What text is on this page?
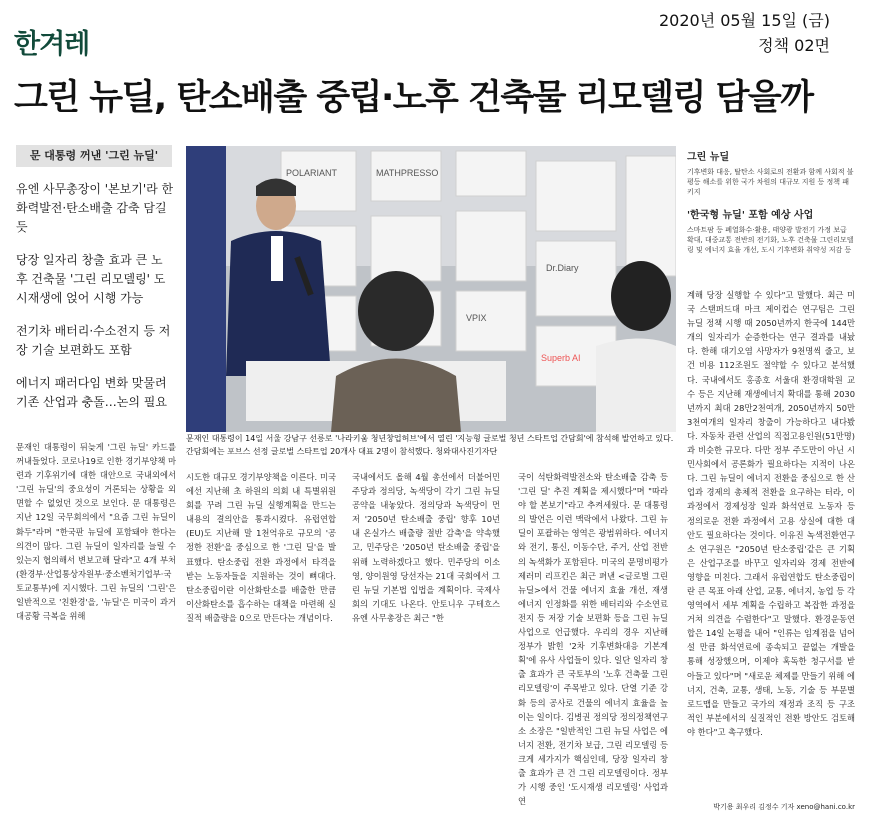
한겨레
2020년 05월 15일 (금)
정책 02면
그린 뉴딜, 탄소배출 중립·노후 건축물 리모델링 담을까
문 대통령 꺼낸 '그린 뉴딜'
유엔 사무총장이 '본보기'라 한 화력발전·탄소배출 감축 담길듯
당장 일자리 창출 효과 큰 노후 건축물 '그린 리모델링' 도시재생에 얹어 시행 가능
전기차 배터리·수소전지 등 저장 기술 보편화도 포함
에너지 패러다임 변화 맞물려 기존 산업과 충돌…논의 필요
POLARIANT	MATHPRESSO
VPIX
Dr.Diary
Superb AI
문재인 대통령이 14일 서울 강남구 선릉로 '나라키움 청년창업허브'에서 열린 '지능형 글로벌 청년 스타트업 간담회'에 참석해 발언하고 있다. 간담회에는 포브스 선정 글로벌 스타트업 20개사 대표 2명이 참석했다. 청와대사진기자단
그린 뉴딜
기후변화 대응, 탈탄소 사회로의 전환과 함께 사회적 불평등 해소를 위한 국가 차원의 대규모 지원 등 정책 패키지
'한국형 뉴딜' 포함 예상 사업
스마트팜 등 폐열화수·활용, 태양광 발전기 가정 보급 확대, 대중교통 전반의 전기화, 노후 건축물 그린리모델링 및 에너지 효율 개선, 도시 기후변화 취약성 저감 등
문재인 대통령이 뒤늦게 '그린 뉴딜' 카드를 꺼내들었다. 코로나19로 인한 경기부양책 마련과 기후위기에 대한 대안으로 국내외에서 '그린 뉴딜'의 중요성이 거론되는 상황을 외면할 수 없었던 것으로 보인다. 문 대통령은 지난 12일 국무회의에서 "요즘 그린 뉴딜이 화두"라며 "한국판 뉴딜에 포함돼야 한다는 의견이 많다. 그린 뉴딜이 일자리를 늘릴 수 있는지 협의해서 변보고해 달라"고 4개 부처(환경부·산업통상자원부·중소벤처기업부·국토교통부)에 지시했다. 그린 뉴딜의 '그린'은 일반적으로 '친환경'을, '뉴딜'은 미국이 과거 대공황 극복을 위해
시도한 대규모 경기부양책을 이른다. 미국에선 지난해 초 하원의 의회 내 특별위원회를 꾸려 그린 뉴딜 실행계획을 만드는 내용의 결의안을 통과시켰다. 유럽연합(EU)도 지난해 말 1천억유로 규모의 '공정한 전환'을 중심으로 한 '그린 딜'을 발표했다. 탄소중립 전환 과정에서 타격을 받는 노동자들을 지원하는 것이 뼈대다. 탄소중립이란 이산화탄소를 배출한 만큼 이산화탄소를 흡수하는 대책을 마련해 실질적 배출량을 0으로 만든다는 개념이다.
국내에서도 올해 4월 총선에서 더불어민주당과 정의당, 녹색당이 각기 그린 뉴딜 공약을 내놓았다. 정의당과 녹색당이 먼저 '2050년 탄소배출 중립' 향후 10년 내 온실가스 배출량 절반 감축'을 약속했고, 민주당은 '2050년 탄소배출 중립'을 위해 노력하겠다고 했다. 민주당의 이소영, 양이원영 당선자는 21대 국회에서 그린 뉴딜 기본법 입법을 계획이다. 국제사회의 기대도 나온다. 안토니우 구테흐스 유엔 사무총장은 최근 "한
국이 석탄화력발전소와 탄소배출 감축 등 '그린 딜' 추진 계획을 제시했다"며 "따라야 할 본보기"라고 추켜세웠다. 문 대통령의 발언은 이런 맥락에서 나왔다. 그린 뉴딜이 포괄하는 영역은 광범위하다. 에너지와 전기, 통신, 이동수단, 주거, 산업 전반의 녹색화가 포함된다. 미국의 문명비평가 제러미 리프킨은 최근 펴낸 <글로벌 그린 뉴딜>에서 건물 에너지 효율 개선, 재생에너지 인정화를 위한 배터리와 수소연료전지 등 저장 기술 보편화 등을 그린 뉴딜 사업으로 언급했다. 우리의 경우 지난해 정부가 밝힌 '2차 기후변화대응 기본계획'에 유사 사업들이 있다. 일단 일자리 창출 효과가 큰 국토부의 '노후 건축물 그린 리모델링'이 주목받고 있다. 단열 기준 강화 등의 공사로 건물의 에너지 효율을 높이는 일이다. 김병권 정의당 정의정책연구소 소장은 "일반적인 그린 뉴딜 사업은 에너지 전환, 전기차 보급, 그린 리모델링 등 크게 세가지가 핵심인데, 당장 일자리 창출 효과가 큰 건 그린 리모델링이다. 정부가 시행 중인 '도시재생 리모델링' 사업과 연
계해 당장 실행할 수 있다"고 말했다. 최근 미국 스탠퍼드대 마크 제이컵슨 연구팀은 그린 뉴딜 정책 시행 때 2050년까지 한국에 144만개의 일자리가 순증한다는 연구 결과를 내놨다. 한해 대기오염 사망자가 9천명씩 줄고, 보건 비용 112조원도 절약할 수 있다고 분석했다. 국내에서도 홍종호 서울대 환경대학원 교수 등은 지난해 재생에너지 확대를 통해 2030년까지 최대 28만2천여개, 2050년까지 50만3천여개의 일자리 창출이 가능하다고 내다봤다. 자동차 관련 산업의 직접고용인원(51만명)과 비슷한 규모다. 다만 정부 주도만이 아닌 시민사회에서 공론화가 필요하다는 지적이 나온다. 그린 뉴딜이 에너지 전환을 중심으로 한 산업과 경제의 총체적 전환을 요구하는 터라, 이 과정에서 경제성장 일과 화석연료 노동자 등 정의로운 전환 과정에서 고용 상실에 대한 대안도 필요하다는 것이다. 이유진 녹색전환연구소 연구원은 "2050년 탄소중립'같은 큰 기획은 산업구조를 바꾸고 일자리와 경제 전반에 영향을 미친다. 그래서 유럽연합도 탄소중립이란 큰 목표 아래 산업, 교통, 에너지, 농업 등 각 영역에서 세부 계획을 수립하고 복잡한 과정을 거쳐 의견을 수렴한다"고 말했다. 환경운동연합은 14일 논평을 내어 "인류는 임계점을 넘어설 만큼 화석연료에 종속되고 끝없는 개발을 통해 성장했으며, 이제야 혹독한 청구서를 받아들고 있다"며 "새로운 체제를 만들기 위해 에너지, 건축, 교통, 생태, 노동, 기술 등 부문별 로드맵을 만들고 국가의 재정과 조직 등 구조적인 부분에서의 실질적인 전환 방안도 검토해야 한다"고 촉구했다.
박기용 최우리 김정수 기자 xeno@hani.co.kr
